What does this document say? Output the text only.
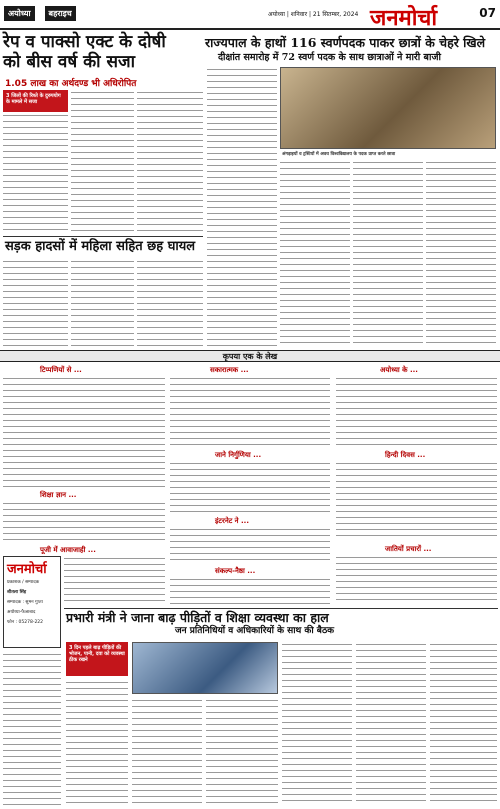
अयोध्या	बहराइच	अयोध्या | शनिवार | 21 सितम्बर, 2024 जनमोर्चा	07
रेप व पाक्सो एक्ट के दोषी
को बीस वर्ष की सजा
1.05 लाख का अर्थदण्ड भी अधिरोपित
राज्यपाल के हाथों 116 स्वर्णपदक पाकर छात्रों के चेहरे खिले
दीक्षांत समारोह में 72 स्वर्ण पदक के साथ छात्राओं ने मारी बाजी
3 जिलों की रिश्ते के दुरुपयोग के मामले में सजा
अंगड़ाइयों व ट्रस्टियों में अवध विश्वविद्यालय के पदक प्राप्त करते छात्रा
सड़क हादसों में महिला सहित छह घायल
कृपया एक के लेख
टिप्पणियों से ...	सकारात्मक ...	अयोध्या के ...
जाने निर्गुणिया ...	हिन्दी दिवस ...
शिक्षा ज्ञान ...
इंटरनेट ने ...
जातियों प्रचारों ...
पूजी में आवाजाही ...
जनमोर्चा
प्रकाशक / सम्पादक
शीतला सिंह
सम्पादक : सुमन गुप्ता
अयोध्या-फैजाबाद
फोन : 05278-222
संकल्प-नैष्ठा ...
प्रभारी मंत्री ने जाना बाढ़ पीड़ितों व शिक्षा व्यवस्था का हाल
जन प्रतिनिधियों व अधिकारियों के साथ की बैठक
3 दिन पहले बाढ़ पीड़ितों की भोजन, पानी, दवा को व्यवस्था ठीक रखने
